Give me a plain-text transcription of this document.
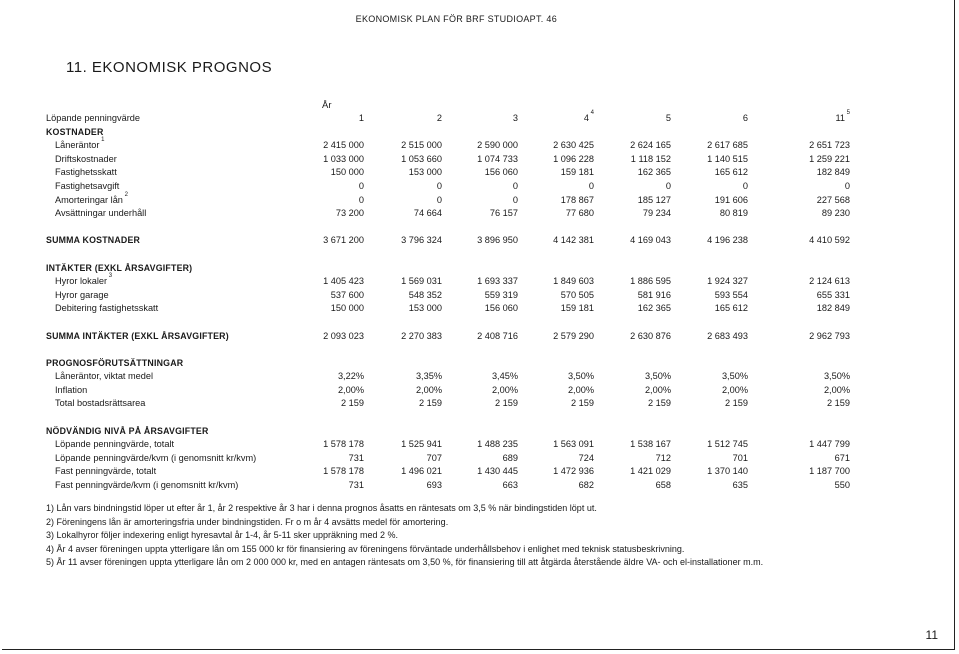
EKONOMISK PLAN FÖR BRF STUDIOAPT. 46
11. EKONOMISK PROGNOS
År
Löpande penningvärde	1	2	3	4 $^4$	5	6	11 $^5$
KOSTNADER
Låneräntor $^1$	2 415 000	2 515 000	2 590 000	2 630 425	2 624 165	2 617 685	2 651 723
Driftskostnader	1 033 000	1 053 660	1 074 733	1 096 228	1 118 152	1 140 515	1 259 221
Fastighetsskatt	150 000	153 000	156 060	159 181	162 365	165 612	182 849
Fastighetsavgift	0	0	0	0	0	0	0
Amorteringar lån $^2$	0	0	0	178 867	185 127	191 606	227 568
Avsättningar underhåll	73 200	74 664	76 157	77 680	79 234	80 819	89 230
SUMMA KOSTNADER	3 671 200	3 796 324	3 896 950	4 142 381	4 169 043	4 196 238	4 410 592
INTÄKTER (EXKL ÅRSAVGIFTER)
Hyror lokaler $^3$	1 405 423	1 569 031	1 693 337	1 849 603	1 886 595	1 924 327	2 124 613
Hyror garage	537 600	548 352	559 319	570 505	581 916	593 554	655 331
Debitering fastighetsskatt	150 000	153 000	156 060	159 181	162 365	165 612	182 849
SUMMA INTÄKTER (EXKL ÅRSAVGIFTER)	2 093 023	2 270 383	2 408 716	2 579 290	2 630 876	2 683 493	2 962 793
PROGNOSFÖRUTSÄTTNINGAR
Låneräntor, viktat medel	3,22%	3,35%	3,45%	3,50%	3,50%	3,50%	3,50%
Inflation	2,00%	2,00%	2,00%	2,00%	2,00%	2,00%	2,00%
Total bostadsrättsarea	2 159	2 159	2 159	2 159	2 159	2 159	2 159
NÖDVÄNDIG NIVÅ PÅ ÅRSAVGIFTER
Löpande penningvärde, totalt	1 578 178	1 525 941	1 488 235	1 563 091	1 538 167	1 512 745	1 447 799
Löpande penningvärde/kvm (i genomsnitt kr/kvm)	731	707	689	724	712	701	671
Fast penningvärde, totalt	1 578 178	1 496 021	1 430 445	1 472 936	1 421 029	1 370 140	1 187 700
Fast penningvärde/kvm (i genomsnitt kr/kvm)	731	693	663	682	658	635	550
1) Lån vars bindningstid löper ut efter år 1, år 2 respektive år 3 har i denna prognos åsatts en räntesats om 3,5 % när bindingstiden löpt ut.
2) Föreningens lån är amorteringsfria under bindningstiden. Fr o m år 4 avsätts medel för amortering.
3) Lokalhyror följer indexering enligt hyresavtal år 1-4, år 5-11 sker uppräkning med 2 %.
4) År 4 avser föreningen uppta ytterligare lån om 155 000 kr för finansiering av föreningens förväntade underhållsbehov i enlighet med teknisk statusbeskrivning.
5) År 11 avser föreningen uppta ytterligare lån om 2 000 000 kr, med en antagen räntesats om 3,50 %, för finansiering till att åtgärda återstående äldre VA- och el-installationer m.m.
11
